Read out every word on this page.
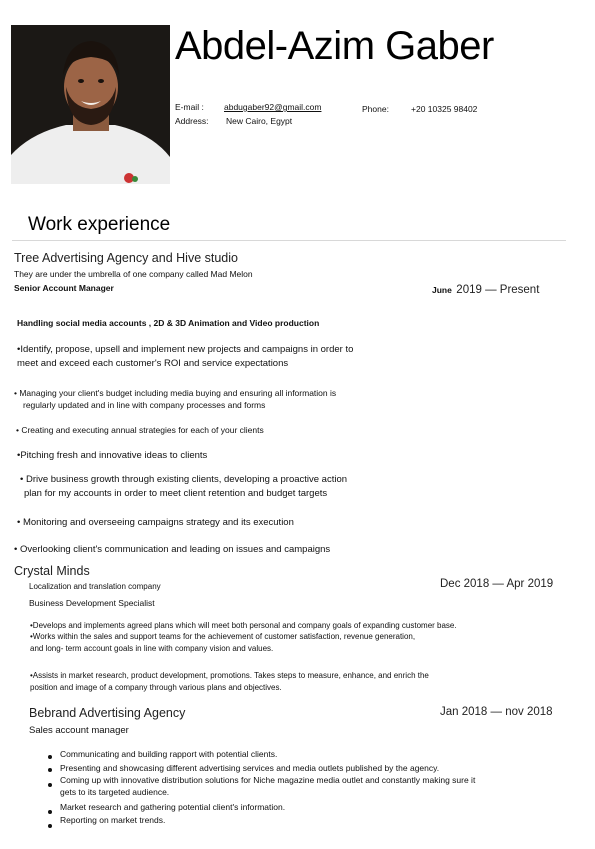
Abdel-Azim Gaber
E-mail : abdugaber92@gmail.com	Phone:	+20 10325 98402
Address: New Cairo, Egypt
Work experience
Tree Advertising Agency and Hive studio
They are under the umbrella of one company called Mad Melon
Senior Account Manager	June 2019 — Present
Handling social media accounts , 2D & 3D Animation and Video production
•Identify, propose, upsell and implement new projects and campaigns in order to
meet and exceed each customer's ROI and service expectations
• Managing your client's budget including media buying and ensuring all information is
regularly updated and in line with company processes and forms
• Creating and executing annual strategies for each of your clients
•Pitching fresh and innovative ideas to clients
• Drive business growth through existing clients, developing a proactive action
plan for my accounts in order to meet client retention and budget targets
• Monitoring and overseeing campaigns strategy and its execution
• Overlooking client's communication and leading on issues and campaigns
Crystal Minds
Localization and translation company	Dec 2018 — Apr 2019
Business Development Specialist
•Develops and implements agreed plans which will meet both personal and company goals of expanding customer base.
•Works within the sales and support teams for the achievement of customer satisfaction, revenue generation,
and long- term account goals in line with company vision and values.
•Assists in market research, product development, promotions. Takes steps to measure, enhance, and enrich the
position and image of a company through various plans and objectives.
Bebrand Advertising Agency	Jan 2018 — nov 2018
Sales account manager
Communicating and building rapport with potential clients.
Presenting and showcasing different advertising services and media outlets published by the agency.
Coming up with innovative distribution solutions for Niche magazine media outlet and constantly making sure it
gets to its targeted audience.
Market research and gathering potential client's information.
Reporting on market trends.
